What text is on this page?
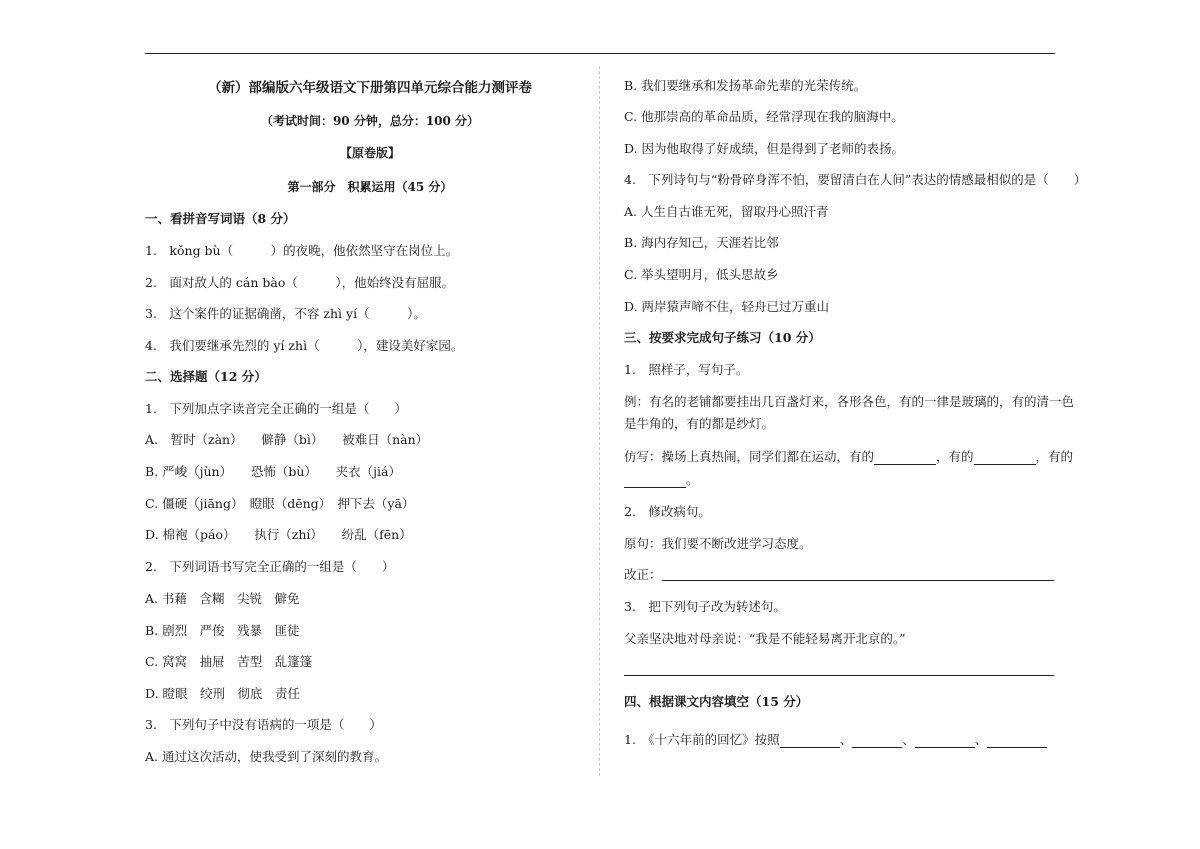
（新）部编版六年级语文下册第四单元综合能力测评卷
（考试时间：90 分钟，总分：100 分）
【原卷版】
第一部分　积累运用（45 分）
一、看拼音写词语（8 分）
1.　kǒng bù（　　　）的夜晚，他依然坚守在岗位上。
2.　面对敌人的 cán bào（　　　），他始终没有屈服。
3.　这个案件的证据确凿，不容 zhì yí（　　　）。
4.　我们要继承先烈的 yí zhì（　　　），建设美好家园。
二、选择题（12 分）
1.　下列加点字读音完全正确的一组是（　　）
A.　暂时（zàn）　　僻静（bì）　　被难日（nàn）
B. 严峻（jùn）　　恐怖（bù）　　夹衣（jiá）
C. 僵硬（jiāng）　瞪眼（dēng）　押下去（yā）
D. 棉袍（páo）　　执行（zhí）　　纷乱（fēn）
2.　下列词语书写完全正确的一组是（　　）
A. 书藉　含糊　尖锐　僻免
B. 剧烈　严俊　残暴　匪徒
C. 窝窝　抽屉　苦型　乱篷篷
D. 瞪眼　绞刑　彻底　责任
3.　下列句子中没有语病的一项是（　　）
A. 通过这次活动，使我受到了深刻的教育。
B. 我们要继承和发扬革命先辈的光荣传统。
C. 他那崇高的革命品质，经常浮现在我的脑海中。
D. 因为他取得了好成绩，但是得到了老师的表扬。
4.　下列诗句与“粉骨碎身浑不怕，要留清白在人间”表达的情感最相似的是（　　）
A. 人生自古谁无死，留取丹心照汗青
B. 海内存知己，天涯若比邻
C. 举头望明月，低头思故乡
D. 两岸猿声啼不住，轻舟已过万重山
三、按要求完成句子练习（10 分）
1.　照样子，写句子。
例：有名的老铺都要挂出几百盏灯来，各形各色，有的一律是玻璃的，有的清一色
是牛角的，有的都是纱灯。
仿写：操场上真热闹，同学们都在运动，有的	，有的	，有的
。
2.　修改病句。
原句：我们要不断改进学习态度。
改正：
3.　把下列句子改为转述句。
父亲坚决地对母亲说：“我是不能轻易离开北京的。”
四、根据课文内容填空（15 分）
1.　《十六年前的回忆》按照	、	、	、
